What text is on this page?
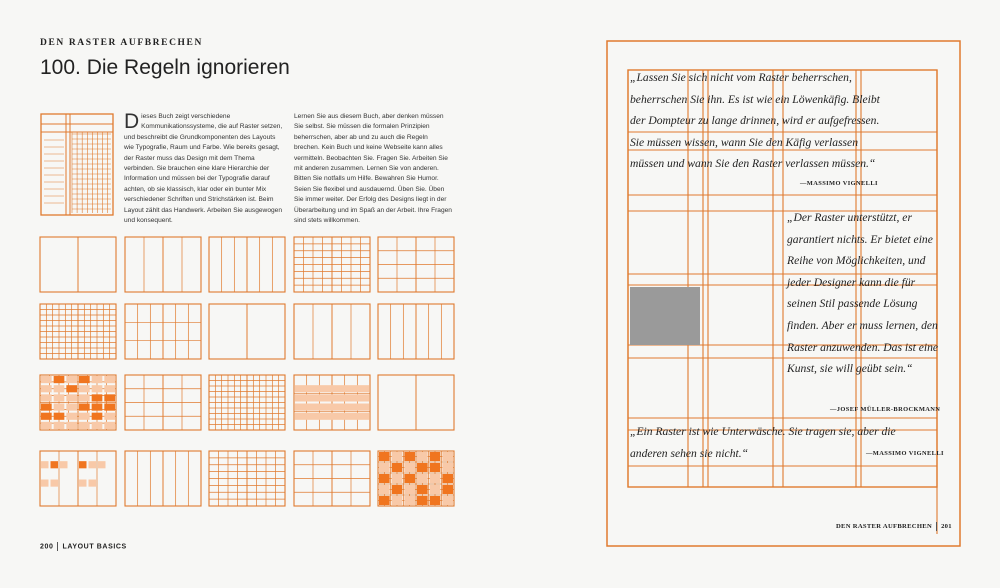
DEN RASTER AUFBRECHEN
100. Die Regeln ignorieren
Dieses Buch zeigt verschiedene Kommunikationssysteme, die auf Raster setzen, und beschreibt die Grundkomponenten des Layouts wie Typografie, Raum und Farbe. Wie bereits gesagt, der Raster muss das Design mit dem Thema verbinden. Sie brauchen eine klare Hierarchie der Information und müssen bei der Typografie darauf achten, ob sie klassisch, klar oder ein bunter Mix verschiedener Schriften und Strichstärken ist. Beim Layout zählt das Handwerk. Arbeiten Sie ausgewogen und konsequent.
Lernen Sie aus diesem Buch, aber denken müssen Sie selbst. Sie müssen die formalen Prinzipien beherrschen, aber ab und zu auch die Regeln brechen. Kein Buch und keine Webseite kann alles vermitteln. Beobachten Sie. Fragen Sie. Arbeiten Sie mit anderen zusammen. Lernen Sie von anderen. Bitten Sie notfalls um Hilfe. Bewahren Sie Humor. Seien Sie flexibel und ausdauernd. Üben Sie. Üben Sie immer weiter. Der Erfolg des Designs liegt in der Überarbeitung und im Spaß an der Arbeit. Ihre Fragen sind stets willkommen.
200 LAYOUT BASICS
„Lassen Sie sich nicht vom Raster beherrschen, beherrschen Sie ihn. Es ist wie ein Löwenkäfig. Bleibt der Dompteur zu lange drinnen, wird er aufgefressen. Sie müssen wissen, wann Sie den Käfig verlassen müssen und wann Sie den Raster verlassen müssen.“
—MASSIMO VIGNELLI
„Der Raster unterstützt, er garantiert nichts. Er bietet eine Reihe von Möglichkeiten, und jeder Designer kann die für seinen Stil passende Lösung finden. Aber er muss lernen, den Raster anzuwenden. Das ist eine Kunst, sie will geübt sein.“
—JOSEF MÜLLER-BROCKMANN
„Ein Raster ist wie Unterwäsche. Sie tragen sie, aber die anderen sehen sie nicht.“	—MASSIMO VIGNELLI
DEN RASTER AUFBRECHEN 201
